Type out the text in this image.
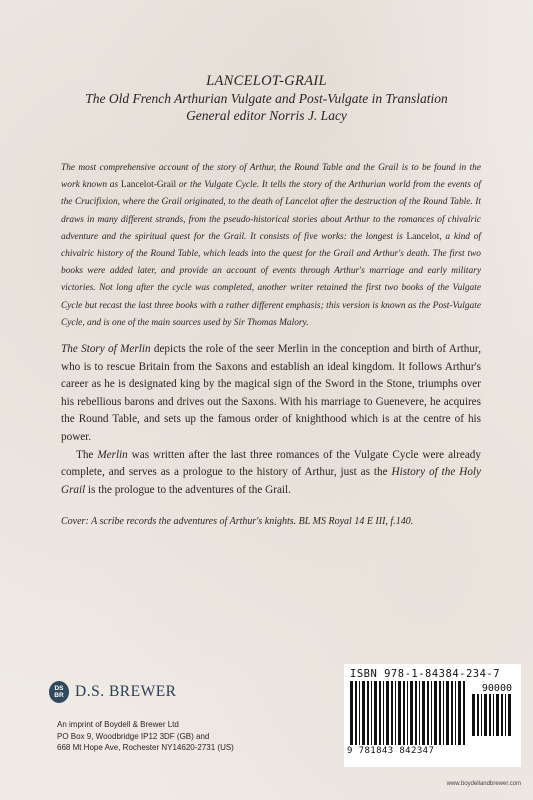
LANCELOT-GRAIL
The Old French Arthurian Vulgate and Post-Vulgate in Translation
General editor Norris J. Lacy

The most comprehensive account of the story of Arthur, the Round Table and the Grail is to be found in the work known as Lancelot-Grail or the Vulgate Cycle. It tells the story of the Arthurian world from the events of the Crucifixion, where the Grail originated, to the death of Lancelot after the destruction of the Round Table. It draws in many different strands, from the pseudo-historical stories about Arthur to the romances of chivalric adventure and the spiritual quest for the Grail. It consists of five works: the longest is Lancelot, a kind of chivalric history of the Round Table, which leads into the quest for the Grail and Arthur's death. The first two books were added later, and provide an account of events through Arthur's marriage and early military victories. Not long after the cycle was completed, another writer retained the first two books of the Vulgate Cycle but recast the last three books with a rather different emphasis; this version is known as the Post-Vulgate Cycle, and is one of the main sources used by Sir Thomas Malory.

The Story of Merlin depicts the role of the seer Merlin in the conception and birth of Arthur, who is to rescue Britain from the Saxons and establish an ideal kingdom. It follows Arthur's career as he is designated king by the magical sign of the Sword in the Stone, triumphs over his rebellious barons and drives out the Saxons. With his marriage to Guenevere, he acquires the Round Table, and sets up the famous order of knighthood which is at the centre of his power.

The Merlin was written after the last three romances of the Vulgate Cycle were already complete, and serves as a prologue to the history of Arthur, just as the History of the Holy Grail is the prologue to the adventures of the Grail.

Cover: A scribe records the adventures of Arthur's knights. BL MS Royal 14 E III, f.140.
DS
BR D.S. BREWER
An imprint of Boydell & Brewer Ltd
PO Box 9, Woodbridge IP12 3DF (GB) and
668 Mt Hope Ave, Rochester NY14620-2731 (US)
ISBN 978-1-84384-234-7
90000
9 781843 842347
www.boydellandbrewer.com
